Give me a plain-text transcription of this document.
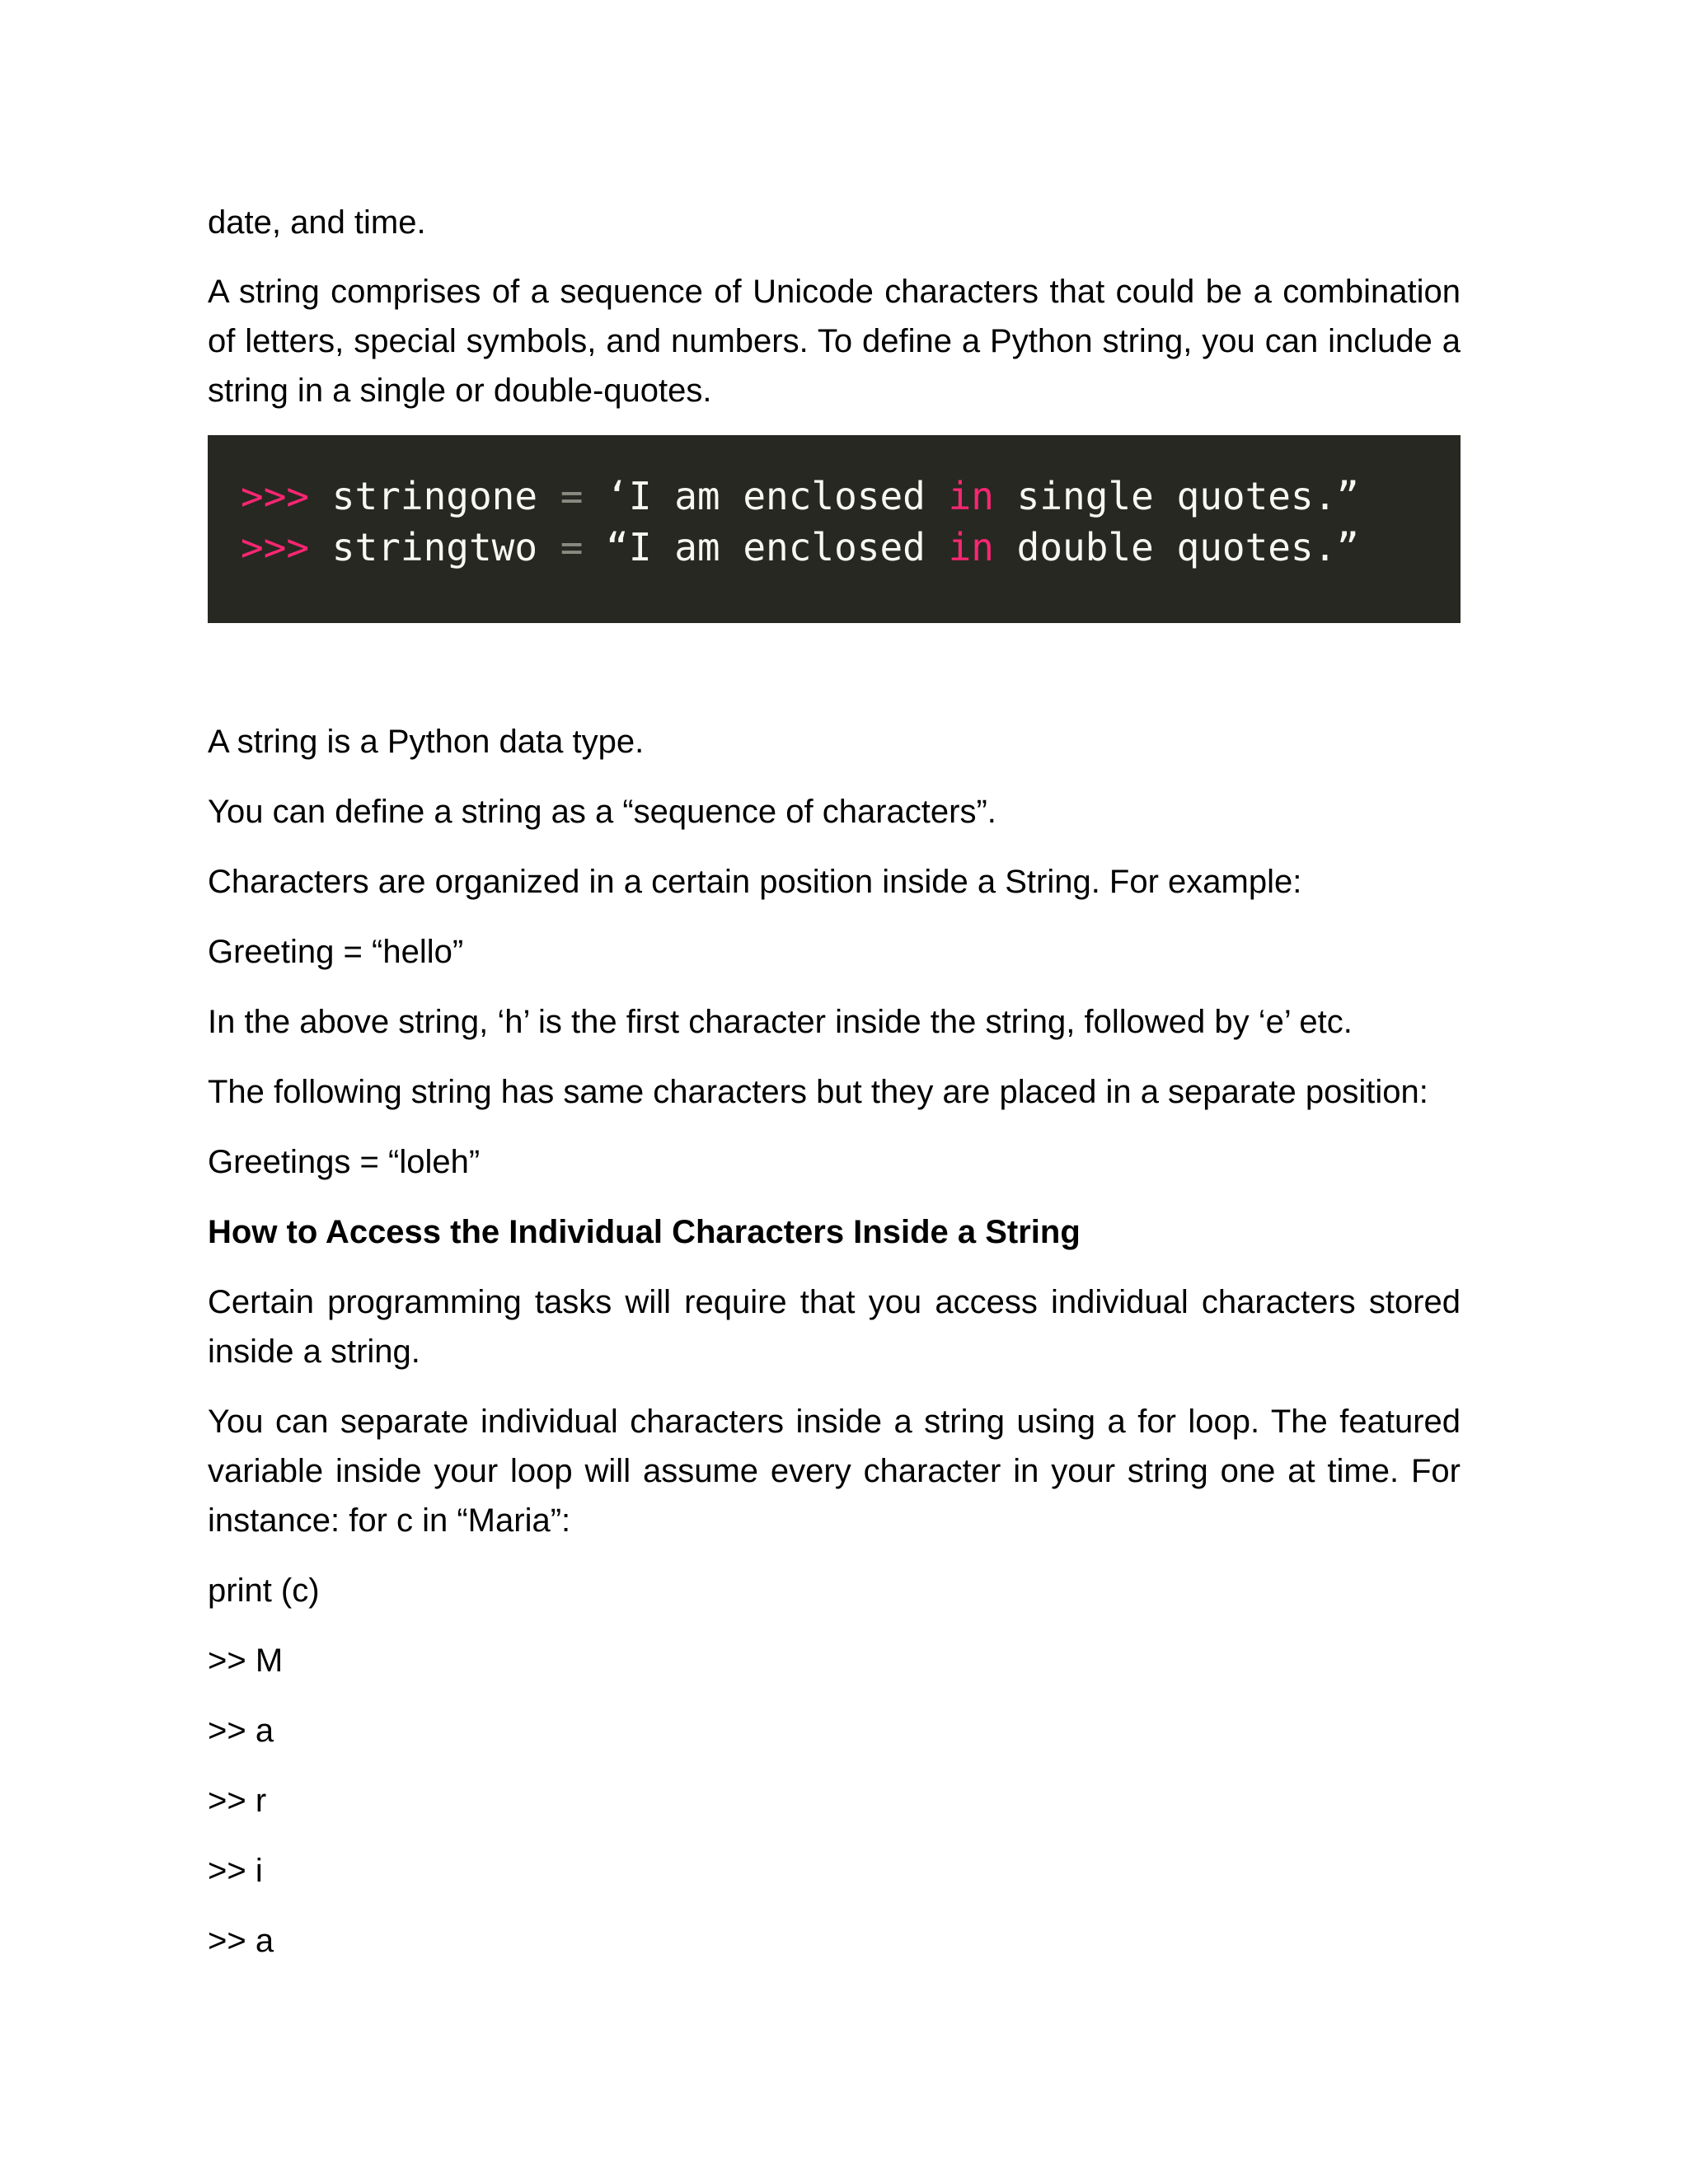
date, and time.

A string comprises of a sequence of Unicode characters that could be a combination of letters, special symbols, and numbers. To define a Python string, you can include a string in a single or double-quotes.

>>> stringone = ‘I am enclosed in single quotes.”
>>> stringtwo = “I am enclosed in double quotes.”

A string is a Python data type.

You can define a string as a “sequence of characters”.

Characters are organized in a certain position inside a String. For example:

Greeting = “hello”

In the above string, ‘h’ is the first character inside the string, followed by ‘e’ etc.

The following string has same characters but they are placed in a separate position:

Greetings = “loleh”

How to Access the Individual Characters Inside a String

Certain programming tasks will require that you access individual characters stored inside a string.

You can separate individual characters inside a string using a for loop. The featured variable inside your loop will assume every character in your string one at time. For instance: for c in “Maria”:

print (c)

>> M

>> a

>> r

>> i

>> a
